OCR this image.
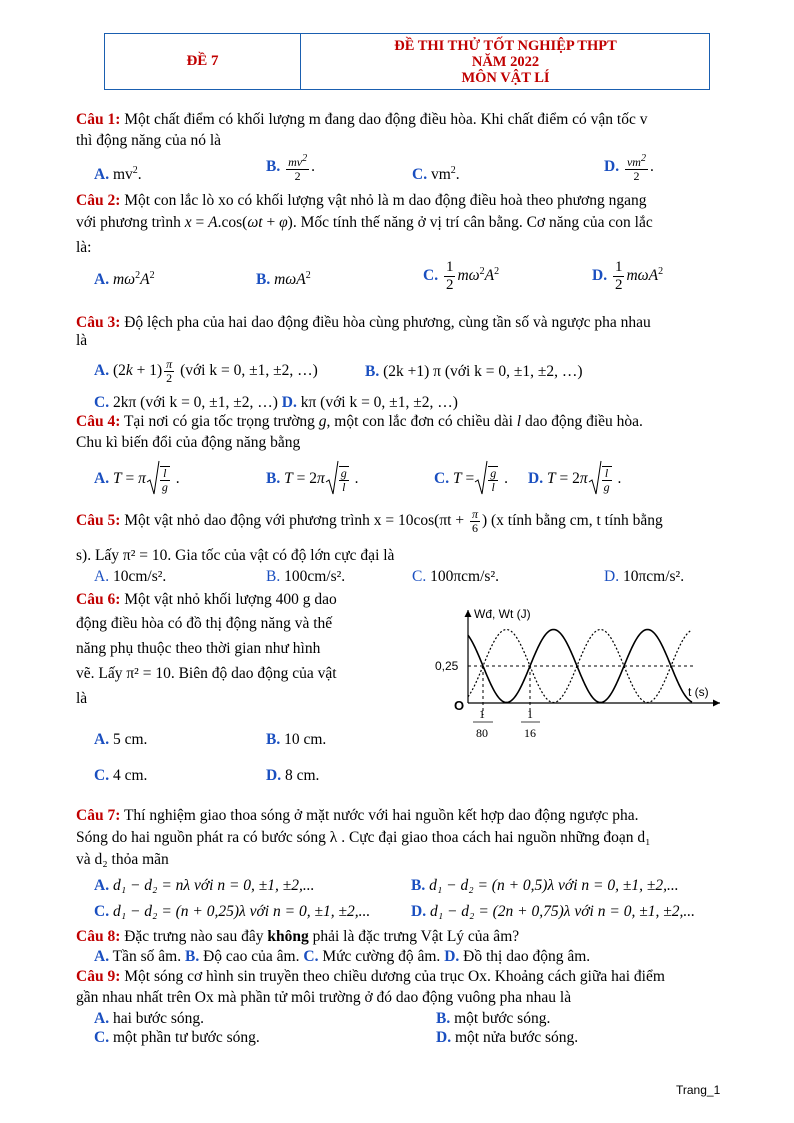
ĐỀ 7
ĐỀ THI THỬ TỐT NGHIỆP THPT
NĂM 2022
MÔN VẬT LÍ
Câu 1: Một chất điểm có khối lượng m đang dao động điều hòa. Khi chất điểm có vận tốc v
thì động năng của nó là
A. $mv^2$.	B. $\frac{mv^2}{2}$ .	C. $vm^2$.	D. $\frac{vm^2}{2}$ .
Câu 2: Một con lắc lò xo có khối lượng vật nhỏ là m dao động điều hoà theo phương ngang
với phương trình x = A.cos(ωt + φ). Mốc tính thế năng ở vị trí cân bằng. Cơ năng của con lắc
là:
A. $m\omega^2A^2$	B. mωA$^2$	C. $\frac{1}{2} m\omega^2A^2$	D. $\frac{1}{2} m\omega A^2$
Câu 3: Độ lệch pha của hai dao động điều hòa cùng phương, cùng tần số và ngược pha nhau
là
A. $(2k + 1) \frac{\pi}{2}$ (với k = 0, ±1, ±2, …)	B. (2k +1) π (với k = 0, ±1, ±2, …)
C. 2kπ (với k = 0, ±1, ±2, …) D. kπ (với k = 0, ±1, ±2, …)
Câu 4: Tại nơi có gia tốc trọng trường g, một con lắc đơn có chiều dài l dao động điều hòa.
Chu kì biến đổi của động năng bằng
A. T = π $\frac{l}{g}$ .	B. $T = 2\pi \frac{g}{l}$ .	C. $T = \frac{g}{l}$ . D. $T = 2\pi \frac{l}{g}$ .
Câu 5: Một vật nhỏ dao động với phương trình $x = 10\cos(\pi t + \frac{\pi}{6}$ ) (x tính bằng cm, t tính bằng
s). Lấy π² = 10. Gia tốc của vật có độ lớn cực đại là
A. 10cm/s².	B. 100cm/s².	C. 100πcm/s².	D. 10πcm/s².
Câu 6: Một vật nhỏ khối lượng 400 g dao
động điều hòa có đồ thị động năng và thế
năng phụ thuộc theo thời gian như hình
vẽ. Lấy π² = 10. Biên độ dao động của vật
là
A. 5 cm.	B. 10 cm.
C. 4 cm.	D. 8 cm.
Wđ, Wt (J)
t (s)
0,25
O
1
80
1
16
Câu 7: Thí nghiệm giao thoa sóng ở mặt nước với hai nguồn kết hợp dao động ngược pha.
Sóng do hai nguồn phát ra có bước sóng λ . Cực đại giao thoa cách hai nguồn những đoạn d₁
và d₂ thỏa mãn
A. d₁ − d₂ = nλ với n = 0, ±1, ±2,...	B. d₁ − d₂ = (n + 0,5)λ với n = 0, ±1, ±2,...
C. d₁ − d₂ = (n + 0,25)λ với n = 0, ±1, ±2,...	D. d₁ − d₂ = (2n + 0,75)λ với n = 0, ±1, ±2,...
Câu 8: Đặc trưng nào sau đây không phải là đặc trưng Vật Lý của âm?
A. Tần số âm. B. Độ cao của âm. C. Mức cường độ âm. D. Đồ thị dao động âm.
Câu 9: Một sóng cơ hình sin truyền theo chiều dương của trục Ox. Khoảng cách giữa hai điểm
gần nhau nhất trên Ox mà phần tử môi trường ở đó dao động vuông pha nhau là
A. hai bước sóng.	B. một bước sóng.
C. một phần tư bước sóng.	D. một nửa bước sóng.
Trang_1
